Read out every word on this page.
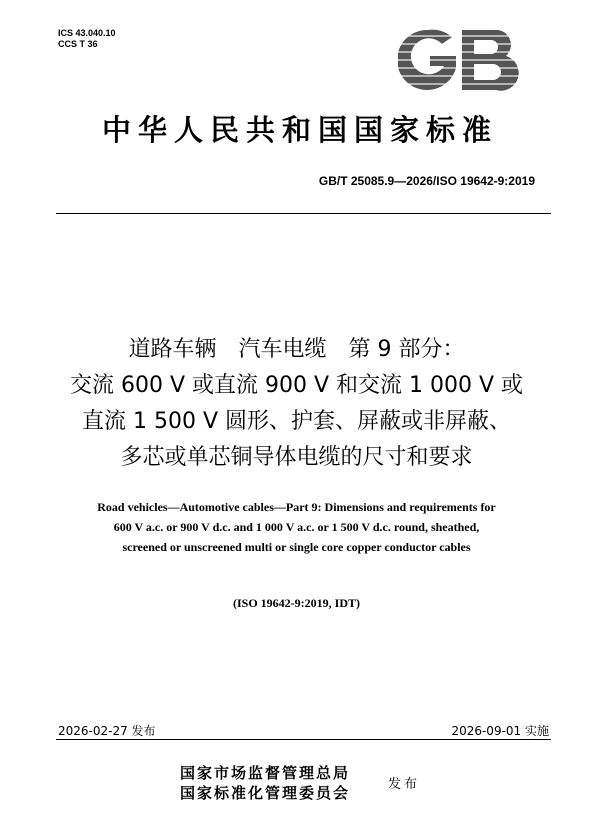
ICS 43.040.10
CCS T 36
中华人民共和国国家标准
GB/T 25085.9—2026/ISO 19642-9:2019
道路车辆　汽车电缆　第 9 部分：
交流 600 V 或直流 900 V 和交流 1 000 V 或
直流 1 500 V 圆形、护套、屏蔽或非屏蔽、
多芯或单芯铜导体电缆的尺寸和要求
Road vehicles—Automotive cables—Part 9: Dimensions and requirements for
600 V a.c. or 900 V d.c. and 1 000 V a.c. or 1 500 V d.c. round, sheathed,
screened or unscreened multi or single core copper conductor cables
(ISO 19642-9:2019, IDT)
2026-02-27 发布	2026-09-01 实施
国家市场监督管理总局
国家标准化管理委员会	发布
